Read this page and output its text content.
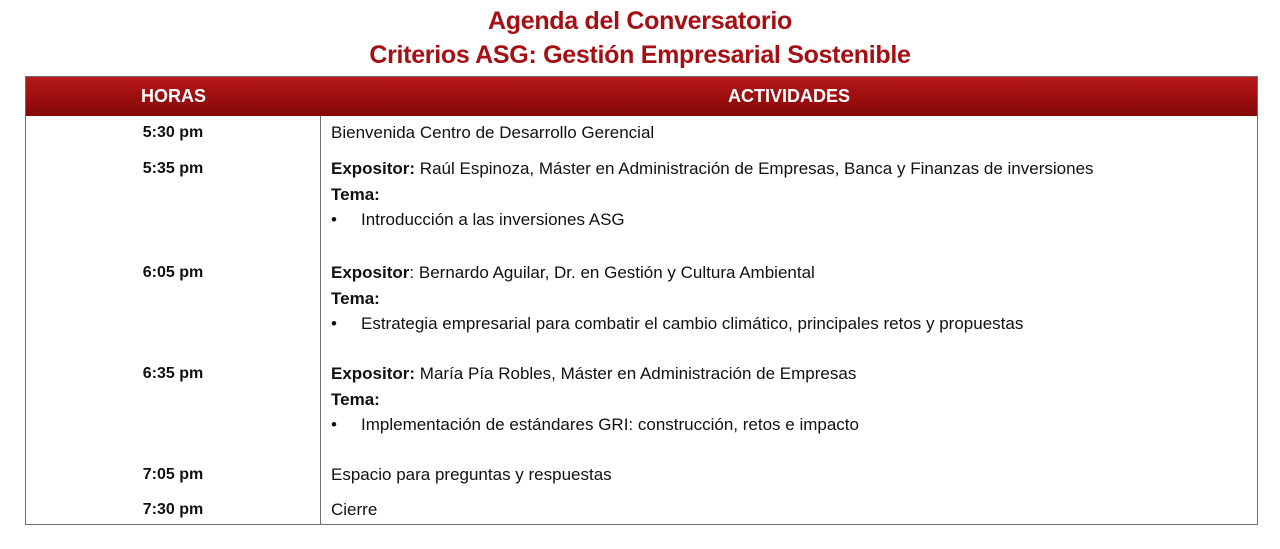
Agenda del Conversatorio
Criterios ASG: Gestión Empresarial Sostenible
HORAS	ACTIVIDADES
5:30 pm	Bienvenida Centro de Desarrollo Gerencial
5:35 pm	Expositor: Raúl Espinoza, Máster en Administración de Empresas, Banca y Finanzas de inversiones
Tema:
• Introducción a las inversiones ASG
6:05 pm	Expositor: Bernardo Aguilar, Dr. en Gestión y Cultura Ambiental
Tema:
• Estrategia empresarial para combatir el cambio climático, principales retos y propuestas
6:35 pm	Expositor: María Pía Robles, Máster en Administración de Empresas
Tema:
• Implementación de estándares GRI: construcción, retos e impacto
7:05 pm	Espacio para preguntas y respuestas
7:30 pm	Cierre
